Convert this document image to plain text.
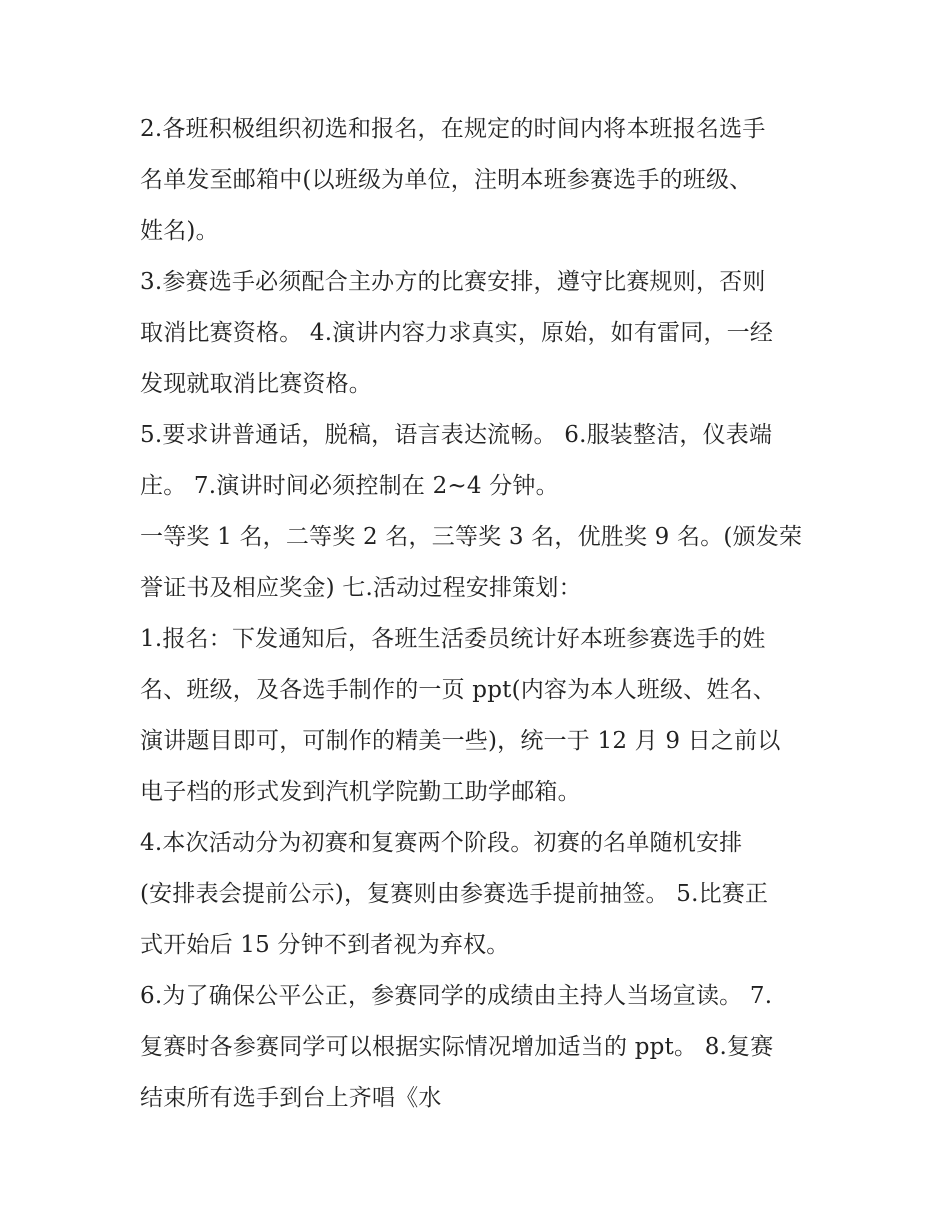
2.各班积极组织初选和报名，在规定的时间内将本班报名选手
名单发至邮箱中(以班级为单位，注明本班参赛选手的班级、
姓名)。
3.参赛选手必须配合主办方的比赛安排，遵守比赛规则，否则
取消比赛资格。 4.演讲内容力求真实，原始，如有雷同，一经
发现就取消比赛资格。
5.要求讲普通话，脱稿，语言表达流畅。 6.服装整洁，仪表端
庄。 7.演讲时间必须控制在 2~4 分钟。
一等奖 1 名，二等奖 2 名，三等奖 3 名，优胜奖 9 名。(颁发荣
誉证书及相应奖金) 七.活动过程安排策划：
1.报名：下发通知后，各班生活委员统计好本班参赛选手的姓
名、班级，及各选手制作的一页 ppt(内容为本人班级、姓名、
演讲题目即可，可制作的精美一些)，统一于 12 月 9 日之前以
电子档的形式发到汽机学院勤工助学邮箱。
4.本次活动分为初赛和复赛两个阶段。初赛的名单随机安排
(安排表会提前公示)，复赛则由参赛选手提前抽签。 5.比赛正
式开始后 15 分钟不到者视为弃权。
6.为了确保公平公正，参赛同学的成绩由主持人当场宣读。 7.
复赛时各参赛同学可以根据实际情况增加适当的 ppt。 8.复赛
结束所有选手到台上齐唱《水
